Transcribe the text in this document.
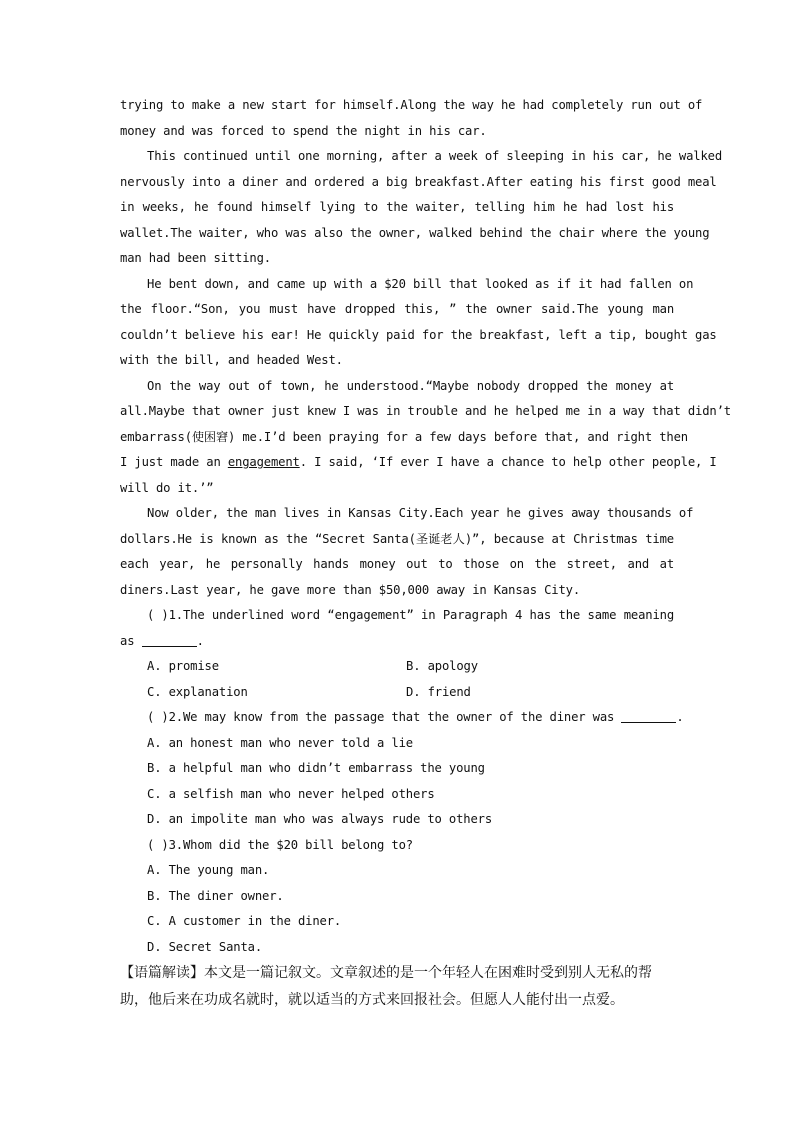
trying to make a new start for himself.Along the way he had completely run out of
money and was forced to spend the night in his car.
This continued until one morning, after a week of sleeping in his car, he walked
nervously into a diner and ordered a big breakfast.After eating his first good meal
in weeks, he found himself lying to the waiter, telling him he had lost his
wallet.The waiter, who was also the owner, walked behind the chair where the young
man had been sitting.
He bent down, and came up with a $20 bill that looked as if it had fallen on
the floor.“Son, you must have dropped this, ” the owner said.The young man
couldn’t believe his ear! He quickly paid for the breakfast, left a tip, bought gas
with the bill, and headed West.
On the way out of town, he understood.“Maybe nobody dropped the money at
all.Maybe that owner just knew I was in trouble and he helped me in a way that didn’t
embarrass(使困窘) me.I’d been praying for a few days before that, and right then
I just made an engagement. I said, ‘If ever I have a chance to help other people, I
will do it.’”
Now older, the man lives in Kansas City.Each year he gives away thousands of
dollars.He is known as the “Secret Santa(圣诞老人)”, because at Christmas time
each year, he personally hands money out to those on the street, and at
diners.Last year, he gave more than $50,000 away in Kansas City.
( )1.The underlined word “engagement” in Paragraph 4 has the same meaning
as	.
A. promise	B. apology
C. explanation	D. friend
( )2.We may know from the passage that the owner of the diner was	.
A. an honest man who never told a lie
B. a helpful man who didn’t embarrass the young
C. a selfish man who never helped others
D. an impolite man who was always rude to others
( )3.Whom did the $20 bill belong to?
A. The young man.
B. The diner owner.
C. A customer in the diner.
D. Secret Santa.
【语篇解读】本文是一篇记叙文。文章叙述的是一个年轻人在困难时受到别人无私的帮
助，他后来在功成名就时，就以适当的方式来回报社会。但愿人人能付出一点爱。
